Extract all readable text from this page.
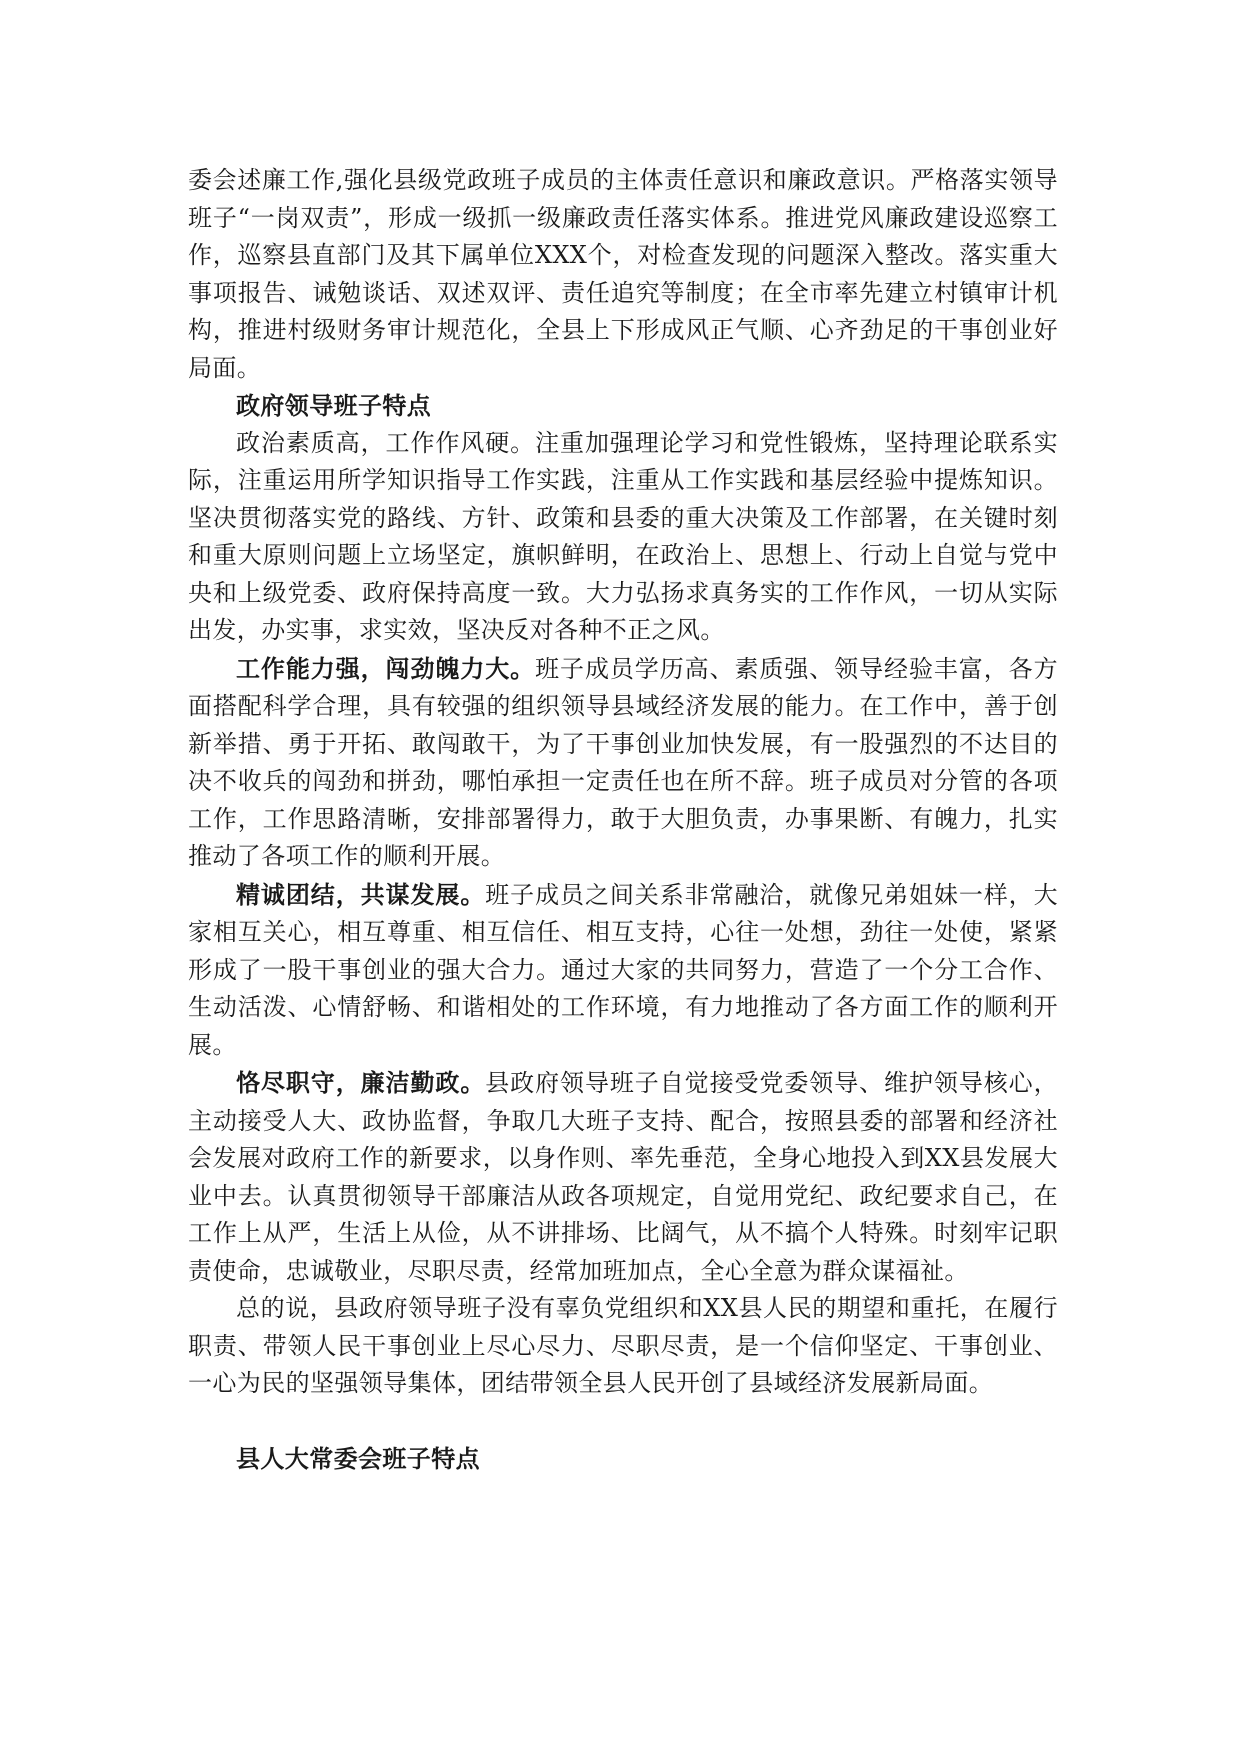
委会述廉工作,强化县级党政班子成员的主体责任意识和廉政意识。严格落实领导班子“一岗双责”，形成一级抓一级廉政责任落实体系。推进党风廉政建设巡察工作，巡察县直部门及其下属单位XXX个，对检查发现的问题深入整改。落实重大事项报告、诫勉谈话、双述双评、责任追究等制度；在全市率先建立村镇审计机构，推进村级财务审计规范化，全县上下形成风正气顺、心齐劲足的干事创业好局面。

政府领导班子特点

政治素质高，工作作风硬。注重加强理论学习和党性锻炼，坚持理论联系实际，注重运用所学知识指导工作实践，注重从工作实践和基层经验中提炼知识。坚决贯彻落实党的路线、方针、政策和县委的重大决策及工作部署，在关键时刻和重大原则问题上立场坚定，旗帜鲜明，在政治上、思想上、行动上自觉与党中央和上级党委、政府保持高度一致。大力弘扬求真务实的工作作风，一切从实际出发，办实事，求实效，坚决反对各种不正之风。

工作能力强，闯劲魄力大。班子成员学历高、素质强、领导经验丰富，各方面搭配科学合理，具有较强的组织领导县域经济发展的能力。在工作中，善于创新举措、勇于开拓、敢闯敢干，为了干事创业加快发展，有一股强烈的不达目的决不收兵的闯劲和拼劲，哪怕承担一定责任也在所不辞。班子成员对分管的各项工作，工作思路清晰，安排部署得力，敢于大胆负责，办事果断、有魄力，扎实推动了各项工作的顺利开展。

精诚团结，共谋发展。班子成员之间关系非常融洽，就像兄弟姐妹一样，大家相互关心，相互尊重、相互信任、相互支持，心往一处想，劲往一处使，紧紧形成了一股干事创业的强大合力。通过大家的共同努力，营造了一个分工合作、生动活泼、心情舒畅、和谐相处的工作环境，有力地推动了各方面工作的顺利开展。

恪尽职守，廉洁勤政。县政府领导班子自觉接受党委领导、维护领导核心，主动接受人大、政协监督，争取几大班子支持、配合，按照县委的部署和经济社会发展对政府工作的新要求，以身作则、率先垂范，全身心地投入到XX县发展大业中去。认真贯彻领导干部廉洁从政各项规定，自觉用党纪、政纪要求自己，在工作上从严，生活上从俭，从不讲排场、比阔气，从不搞个人特殊。时刻牢记职责使命，忠诚敬业，尽职尽责，经常加班加点，全心全意为群众谋福祉。

总的说，县政府领导班子没有辜负党组织和XX县人民的期望和重托，在履行职责、带领人民干事创业上尽心尽力、尽职尽责，是一个信仰坚定、干事创业、一心为民的坚强领导集体，团结带领全县人民开创了县域经济发展新局面。

县人大常委会班子特点
